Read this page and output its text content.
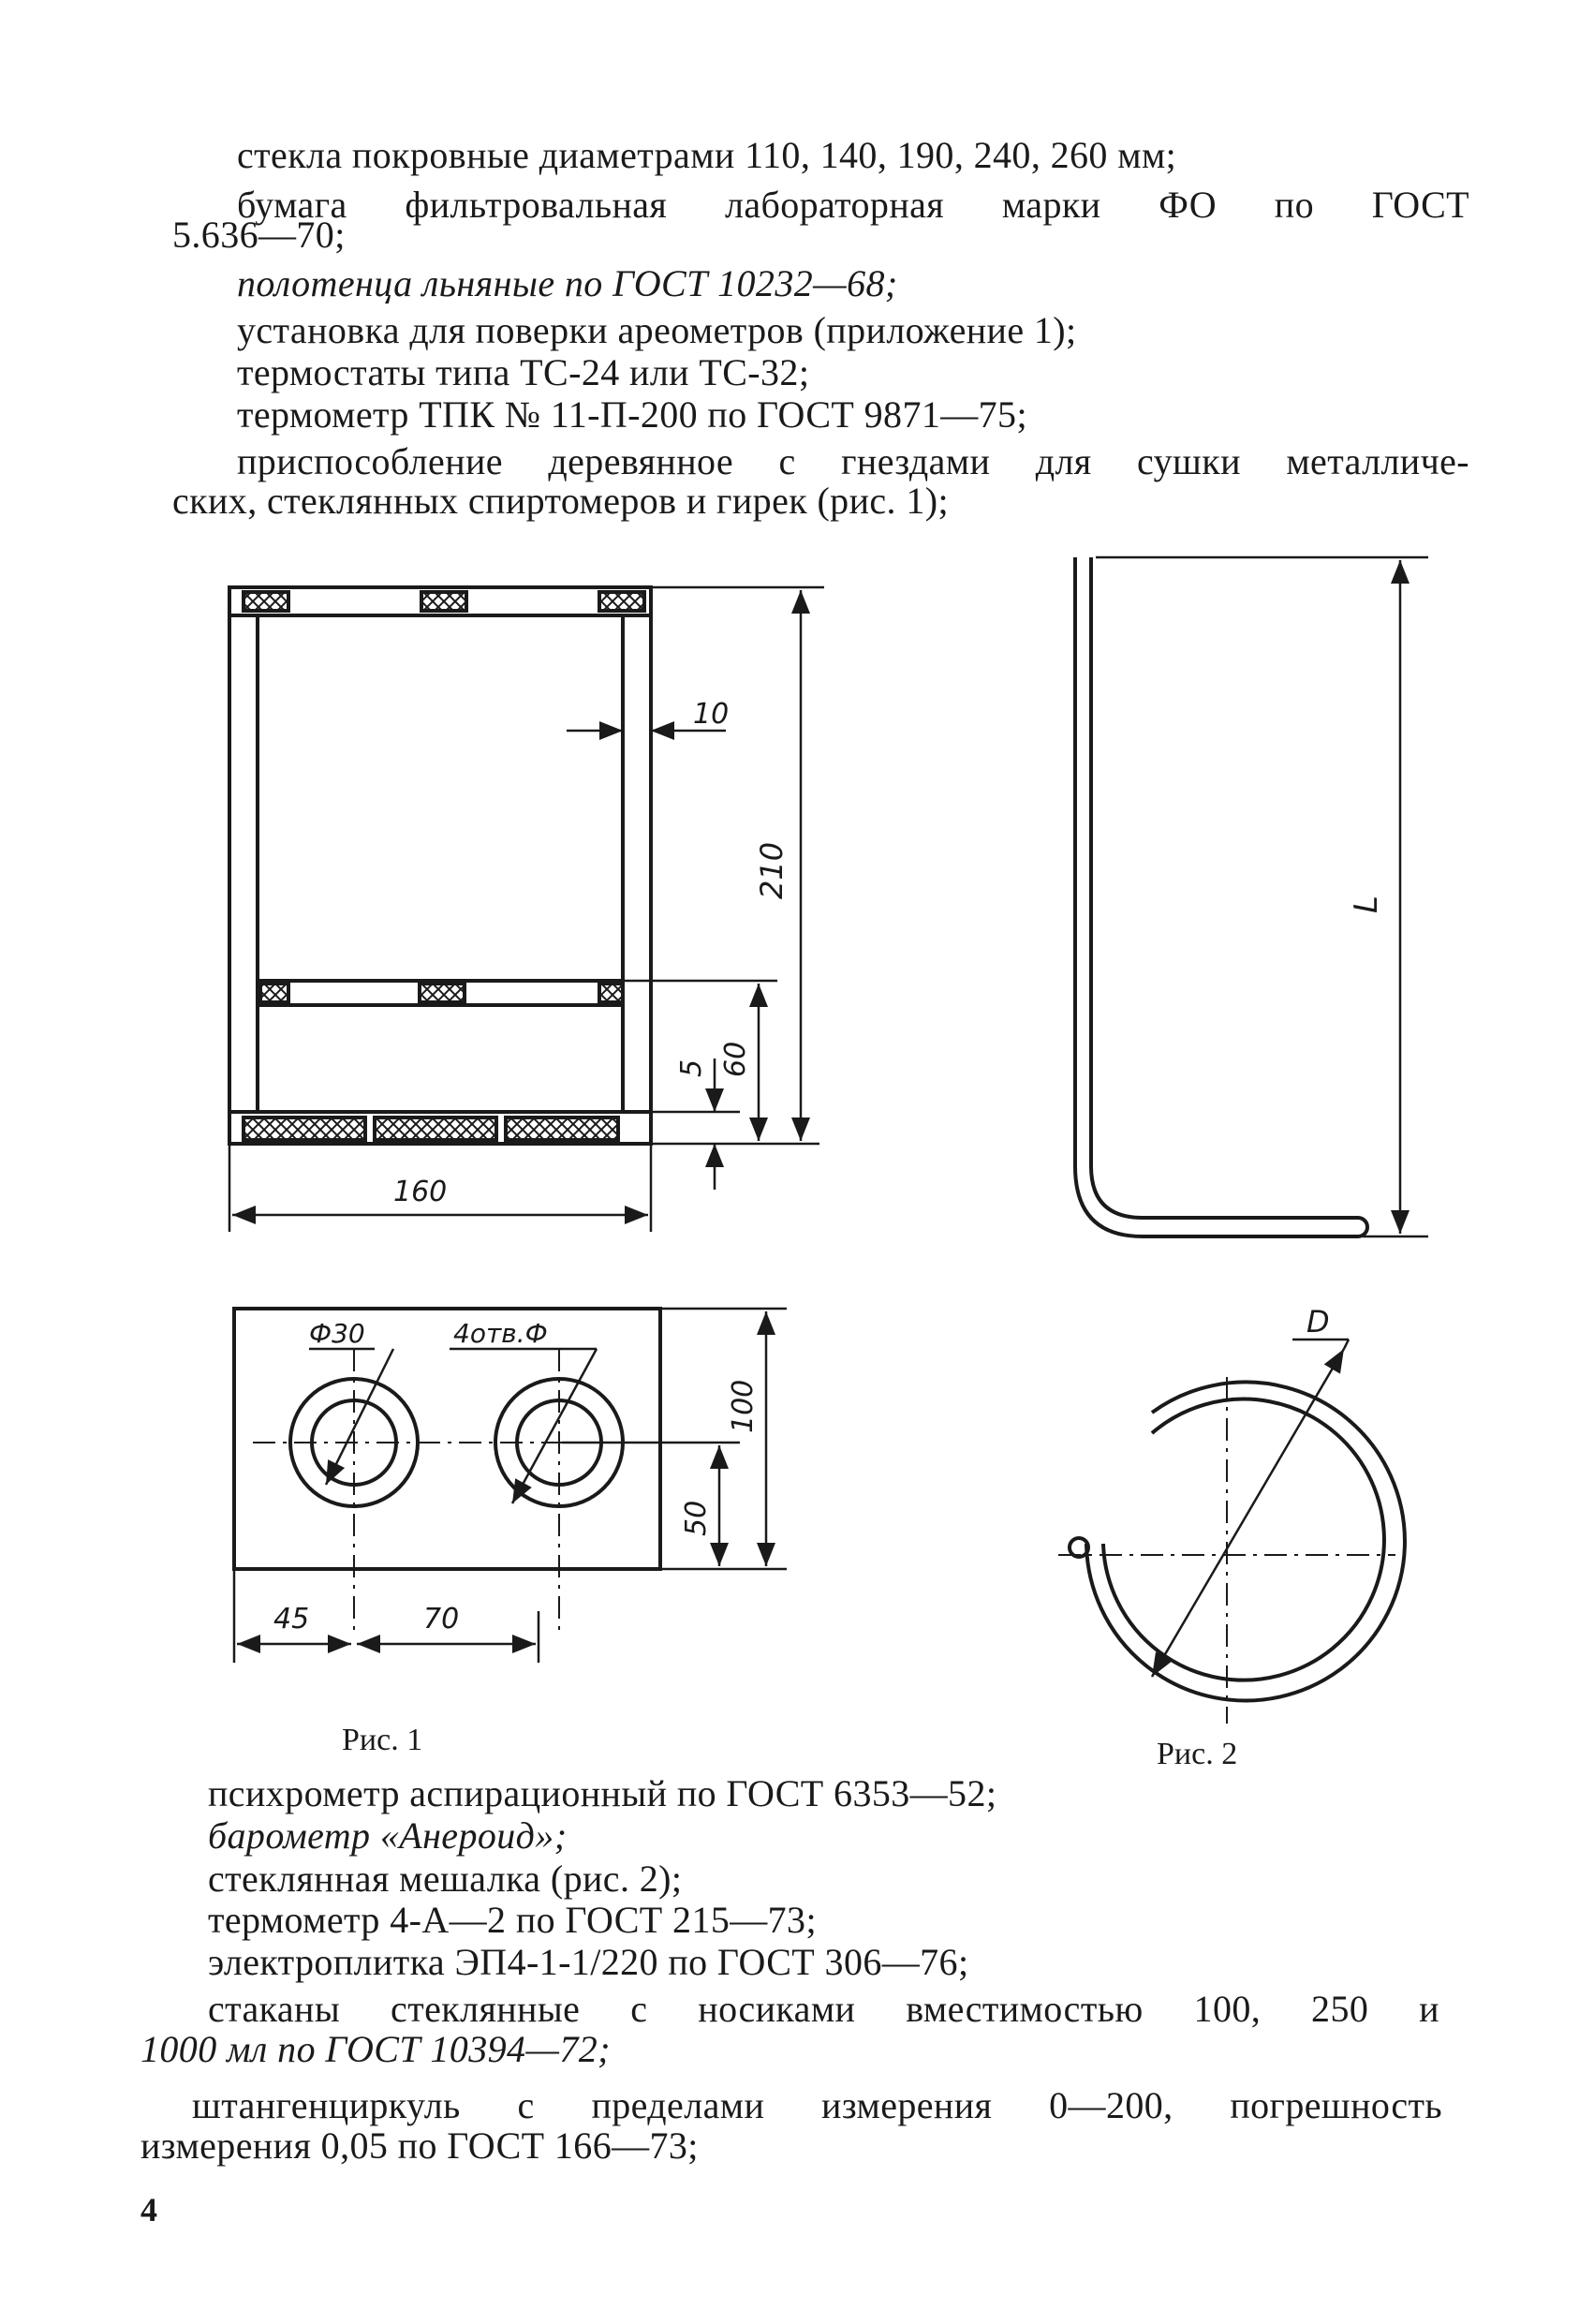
стекла покровные диаметрами 110, 140, 190, 240, 260 мм;
бумага фильтровальная лабораторная марки ФО по ГОСТ
5.636—70;
полотенца льняные по ГОСТ 10232—68;
установка для поверки ареометров (приложение 1);
термостаты типа ТС-24 или ТС-32;
термометр ТПК № 11-П-200 по ГОСТ 9871—75;
приспособление деревянное с гнездами для сушки металличе-
ских, стеклянных спиртомеров и гирек (рис. 1);
10
210
5 60
160
Ф30	4отв.Ф
100
50
45	70
L
D
Рис. 1	Рис. 2
психрометр аспирационный по ГОСТ 6353—52;
барометр «Анероид»;
стеклянная мешалка (рис. 2);
термометр 4-А—2 по ГОСТ 215—73;
электроплитка ЭП4-1-1/220 по ГОСТ 306—76;
стаканы стеклянные с носиками вместимостью 100, 250 и
1000 мл по ГОСТ 10394—72;
штангенциркуль с пределами измерения 0—200, погрешность
измерения 0,05 по ГОСТ 166—73;
4
